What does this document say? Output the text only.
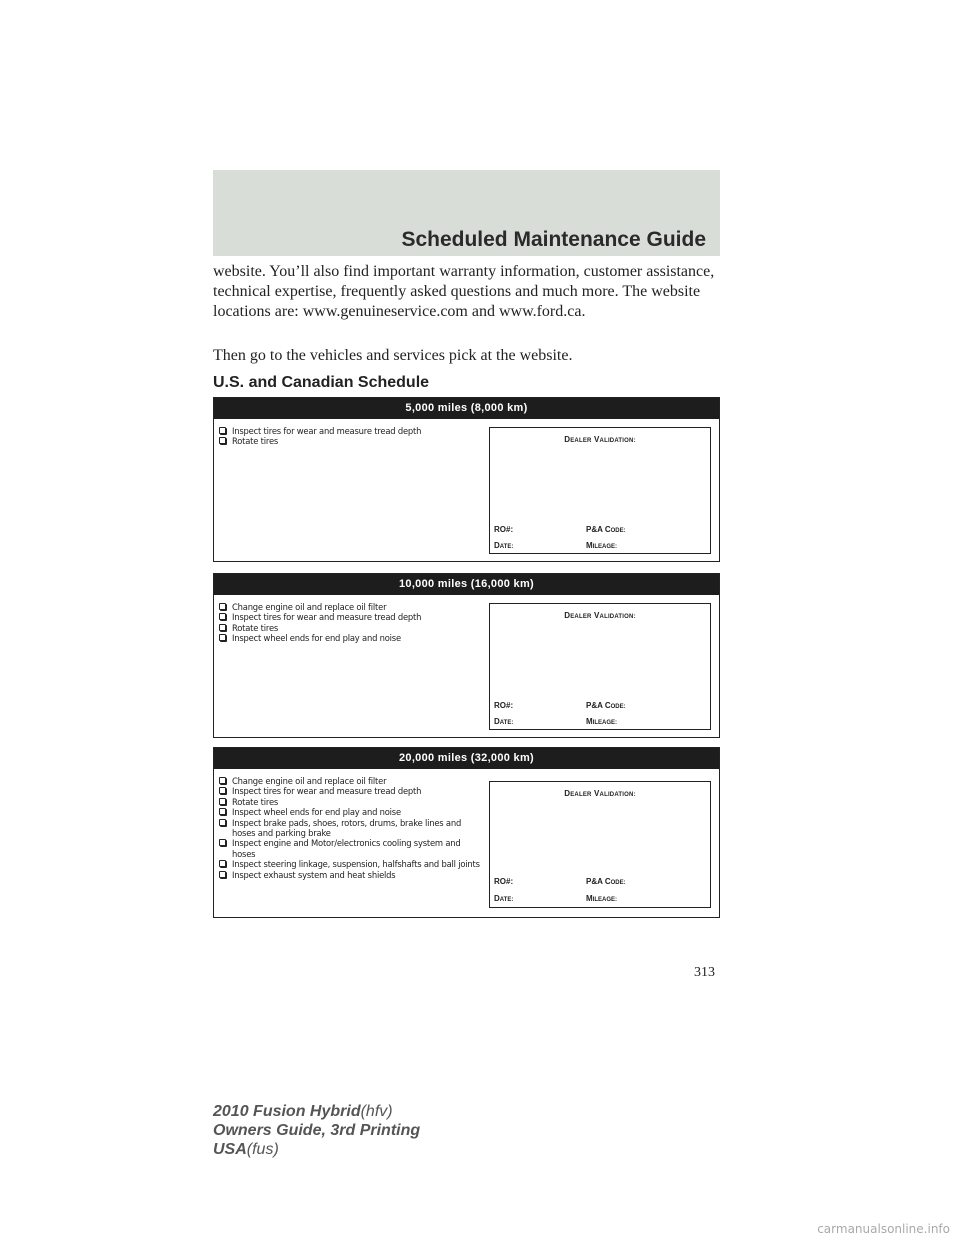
Scheduled Maintenance Guide

website. You’ll also find important warranty information, customer assistance, technical expertise, frequently asked questions and much more. The website locations are: www.genuineservice.com and www.ford.ca.

Then go to the vehicles and services pick at the website.

U.S. and Canadian Schedule
5,000 miles (8,000 km)
Inspect tires for wear and measure tread depth
Rotate tires	DEALER VALIDATION:
RO#:	P&A CODE:
DATE:	MILEAGE:
10,000 miles (16,000 km)
Change engine oil and replace oil filter
Inspect tires for wear and measure tread depth
Rotate tires
Inspect wheel ends for end play and noise
DEALER VALIDATION:
RO#:	P&A CODE:
DATE:	MILEAGE:
20,000 miles (32,000 km)
Change engine oil and replace oil filter
Inspect tires for wear and measure tread depth
Rotate tires
Inspect wheel ends for end play and noise
Inspect brake pads, shoes, rotors, drums, brake lines and hoses and parking brake
Inspect engine and Motor/electronics cooling system and hoses
Inspect steering linkage, suspension, halfshafts and ball joints
Inspect exhaust system and heat shields
DEALER VALIDATION:
RO#:	P&A CODE:
DATE:	MILEAGE:
313
2010 Fusion Hybrid(hfv)
Owners Guide, 3rd Printing
USA(fus)
carmanualsonline.info
